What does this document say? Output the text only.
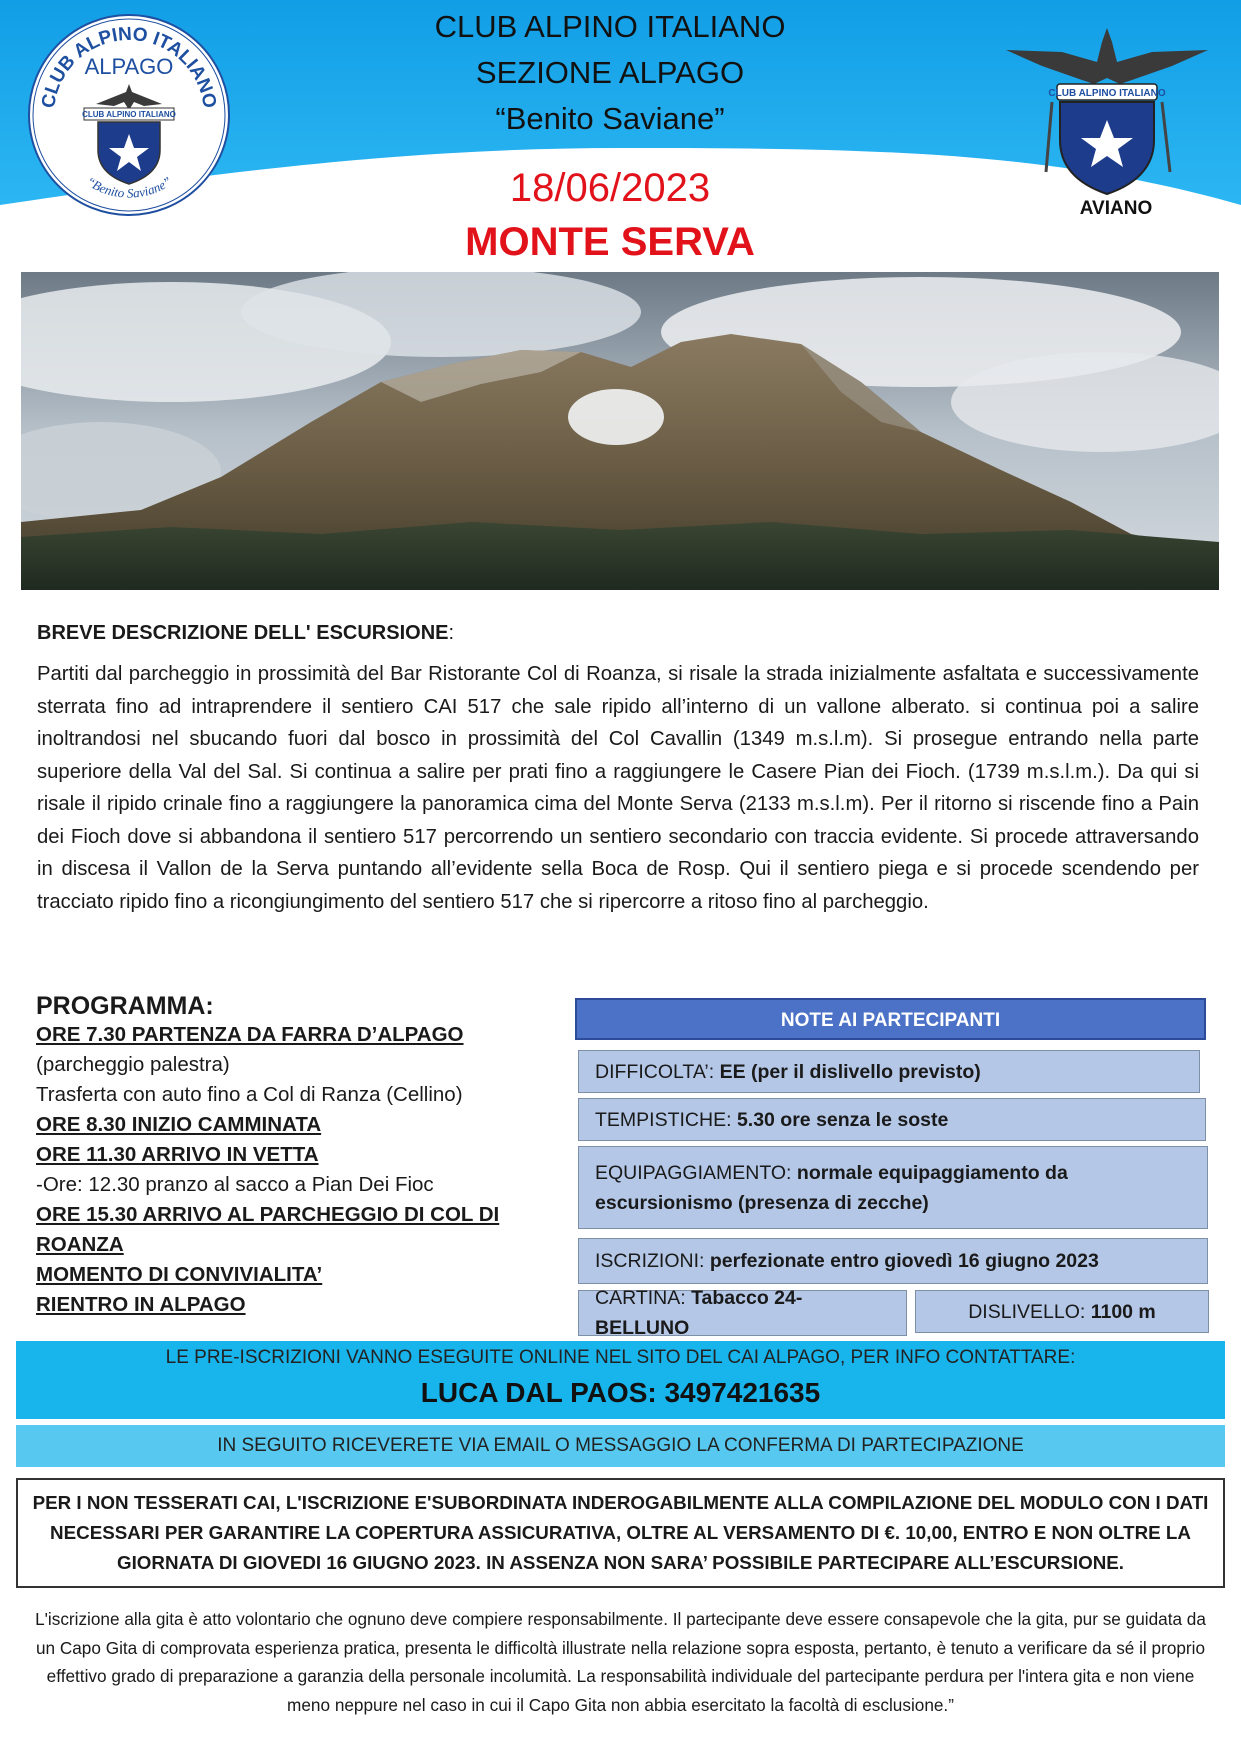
CLUB ALPINO ITALIANO
ALPAGO
CLUB ALPINO ITALIANO
“Benito Saviane”
CLUB ALPINO ITALIANO
AVIANO
CLUB ALPINO ITALIANO
SEZIONE ALPAGO
“Benito Saviane”
18/06/2023
MONTE SERVA
BREVE DESCRIZIONE DELL' ESCURSIONE:
Partiti dal parcheggio in prossimità del Bar Ristorante Col di Roanza, si risale la strada inizialmente asfaltata e successivamente sterrata fino ad intraprendere il sentiero CAI 517 che sale ripido all’interno di un vallone alberato. si continua poi a salire inoltrandosi nel sbucando fuori dal bosco in prossimità del Col Cavallin (1349 m.s.l.m). Si prosegue entrando nella parte superiore della Val del Sal. Si continua a salire per prati fino a raggiungere le Casere Pian dei Fioch. (1739 m.s.l.m.). Da qui si risale il ripido crinale fino a raggiungere la panoramica cima del Monte Serva (2133 m.s.l.m). Per il ritorno si riscende fino a Pain dei Fioch dove si abbandona il sentiero 517 percorrendo un sentiero secondario con traccia evidente. Si procede attraversando in discesa il Vallon de la Serva puntando all’evidente sella Boca de Rosp. Qui il sentiero piega e si procede scendendo per tracciato ripido fino a ricongiungimento del sentiero 517 che si ripercorre a ritoso fino al parcheggio.
PROGRAMMA:
ORE 7.30 PARTENZA DA FARRA D’ALPAGO
(parcheggio palestra)
Trasferta con auto fino a Col di Ranza (Cellino)
ORE 8.30 INIZIO CAMMINATA
ORE 11.30 ARRIVO IN VETTA
-Ore: 12.30 pranzo al sacco a Pian Dei Fioc
ORE 15.30 ARRIVO AL PARCHEGGIO DI COL DI ROANZA
MOMENTO DI CONVIVIALITA’
RIENTRO IN ALPAGO
NOTE AI PARTECIPANTI
DIFFICOLTA’: EE (per il dislivello previsto)
TEMPISTICHE: 5.30 ore senza le soste
EQUIPAGGIAMENTO: normale equipaggiamento da escursionismo (presenza di zecche)
ISCRIZIONI: perfezionate entro giovedì 16 giugno 2023
CARTINA: Tabacco 24-BELLUNO
DISLIVELLO: 1100 m
LE PRE-ISCRIZIONI VANNO ESEGUITE ONLINE NEL SITO DEL CAI ALPAGO, PER INFO CONTATTARE:
LUCA DAL PAOS: 3497421635
IN SEGUITO RICEVERETE VIA EMAIL O MESSAGGIO LA CONFERMA DI PARTECIPAZIONE
PER I NON TESSERATI CAI, L'ISCRIZIONE E'SUBORDINATA INDEROGABILMENTE ALLA COMPILAZIONE DEL MODULO CON I DATI NECESSARI PER GARANTIRE LA COPERTURA ASSICURATIVA, OLTRE AL VERSAMENTO DI €. 10,00, ENTRO E NON OLTRE LA GIORNATA DI GIOVEDI 16 GIUGNO 2023. IN ASSENZA NON SARA’ POSSIBILE PARTECIPARE ALL’ESCURSIONE.
L'iscrizione alla gita è atto volontario che ognuno deve compiere responsabilmente. Il partecipante deve essere consapevole che la gita, pur se guidata da un Capo Gita di comprovata esperienza pratica, presenta le difficoltà illustrate nella relazione sopra esposta, pertanto, è tenuto a verificare da sé il proprio effettivo grado di preparazione a garanzia della personale incolumità. La responsabilità individuale del partecipante perdura per l'intera gita e non viene meno neppure nel caso in cui il Capo Gita non abbia esercitato la facoltà di esclusione.”
